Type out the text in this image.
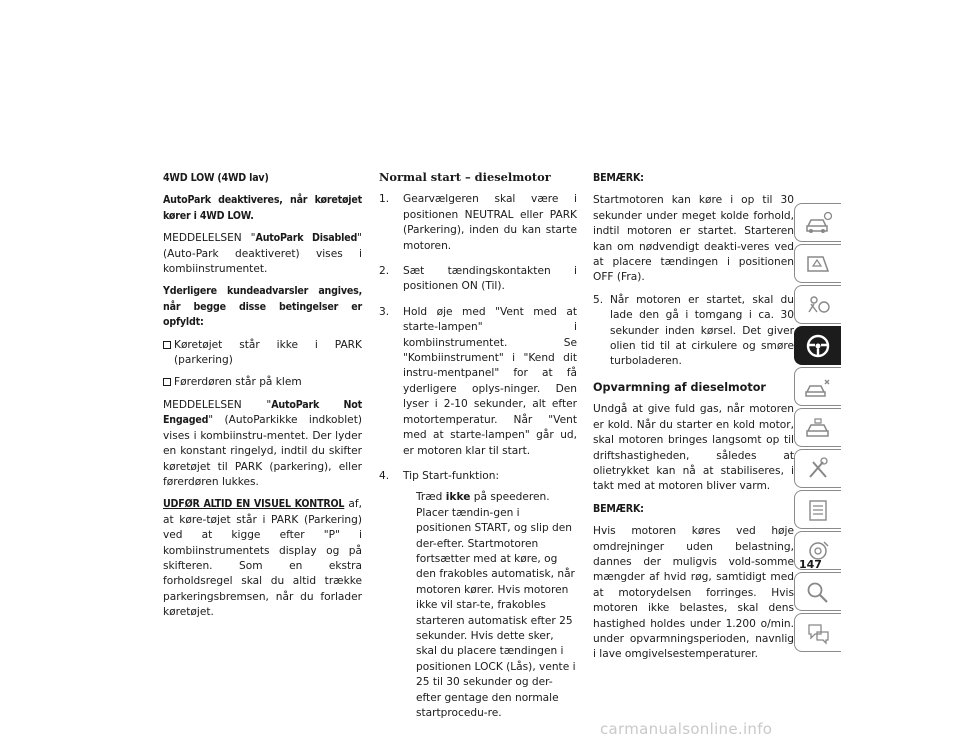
4WD LOW (4WD lav)

AutoPark deaktiveres, når køretøjet kører i 4WD LOW.

MEDDELELSEN "AutoPark Disabled" (Auto-Park deaktiveret) vises i kombiinstrumentet.

Yderligere kundeadvarsler angives, når begge disse betingelser er opfyldt:

Køretøjet står ikke i PARK (parkering)

Førerdøren står på klem

MEDDELELSEN "AutoPark Not Engaged" (AutoParkikke indkoblet) vises i kombiinstru-mentet. Der lyder en konstant ringelyd, indtil du skifter køretøjet til PARK (parkering), eller førerdøren lukkes.

UDFØR ALTID EN VISUEL KONTROL af, at køre-tøjet står i PARK (Parkering) ved at kigge efter "P" i kombiinstrumentets display og på skifteren. Som en ekstra forholdsregel skal du altid trække parkeringsbremsen, når du forlader køretøjet.

Normal start – dieselmotor

1. Gearvælgeren skal være i positionen NEUTRAL eller PARK (Parkering), inden du kan starte motoren.
2. Sæt tændingskontakten i positionen ON (Til).
3. Hold øje med "Vent med at starte-lampen" i kombiinstrumentet. Se "Kombiinstrument" i "Kend dit instru-mentpanel" for at få yderligere oplys-ninger. Den lyser i 2-10 sekunder, alt efter motortemperatur. Når "Vent med at starte-lampen" går ud, er motoren klar til start.
4. Tip Start-funktion:
Træd ikke på speederen. Placer tændin-gen i positionen START, og slip den der-efter. Startmotoren fortsætter med at køre, og den frakobles automatisk, når motoren kører. Hvis motoren ikke vil star-te, frakobles starteren automatisk efter 25 sekunder. Hvis dette sker, skal du placere tændingen i positionen LOCK (Lås), vente i 25 til 30 sekunder og der-efter gentage den normale startprocedu-re.

BEMÆRK:

Startmotoren kan køre i op til 30 sekunder under meget kolde forhold, indtil motoren er startet. Starteren kan om nødvendigt deakti-veres ved at placere tændingen i positionen OFF (Fra).

5. Når motoren er startet, skal du lade den gå i tomgang i ca. 30 sekunder inden kørsel. Det giver olien tid til at cirkulere og smøre turboladeren.

Opvarmning af dieselmotor

Undgå at give fuld gas, når motoren er kold. Når du starter en kold motor, skal motoren bringes langsomt op til driftshastigheden, således at olietrykket kan nå at stabiliseres, i takt med at motoren bliver varm.

BEMÆRK:

Hvis motoren køres ved høje omdrejninger uden belastning, dannes der muligvis vold-somme mængder af hvid røg, samtidigt med at motorydelsen forringes. Hvis motoren ikke belastes, skal dens hastighed holdes under 1.200 o/min. under opvarmningsperioden, navnlig i lave omgivelsestemperaturer.

147
carmanualsonline.info
